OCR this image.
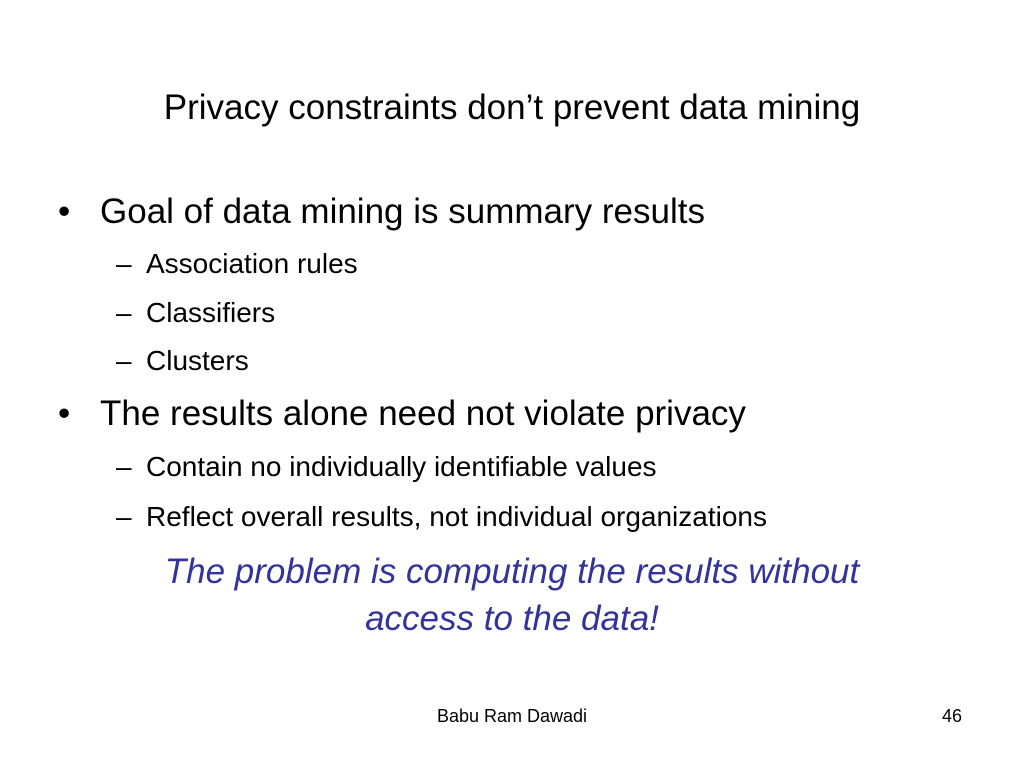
Privacy constraints don’t prevent data mining
• Goal of data mining is summary results
– Association rules
– Classifiers
– Clusters
• The results alone need not violate privacy
– Contain no individually identifiable values
– Reflect overall results, not individual organizations
The problem is computing the results without
access to the data!
Babu Ram Dawadi	46
